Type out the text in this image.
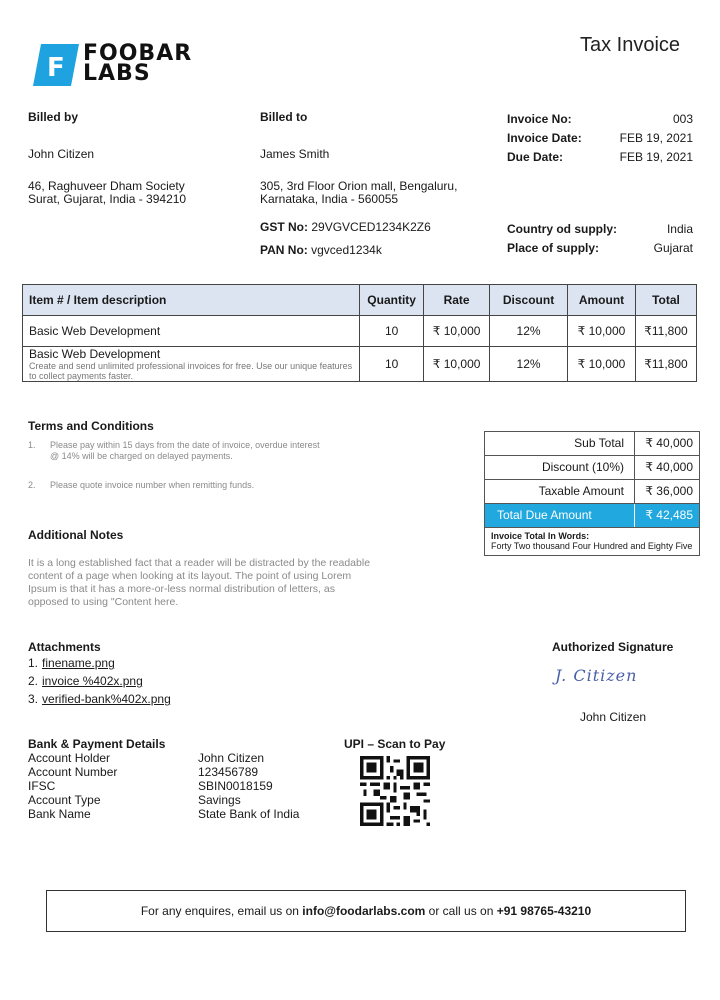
F FOOBAR
LABS
Tax Invoice
Billed by
John Citizen
46, Raghuveer Dham Society
Surat, Gujarat, India - 394210
Billed to
James Smith
305, 3rd Floor Orion mall, Bengaluru,
Karnataka, India - 560055
GST No: 29VGVCED1234K2Z6
PAN No: vgvced1234k
Invoice No:	003
Invoice Date:	FEB 19, 2021
Due Date:	FEB 19, 2021
Country od supply:	India
Place of supply:	Gujarat
Item # / Item description	Quantity	Rate	Discount	Amount	Total
Basic Web Development	10	₹ 10,000	12%	₹ 10,000	₹11,800
Basic Web Development
Create and send unlimited professional invoices for free. Use our unique features to collect payments faster.	10	₹ 10,000	12%	₹ 10,000	₹11,800
Terms and Conditions
1. Please pay within 15 days from the date of invoice, overdue interest @ 14% will be charged on delayed payments.
2. Please quote invoice number when remitting funds.
Additional Notes
It is a long established fact that a reader will be distracted by the readable content of a page when looking at its layout. The point of using Lorem Ipsum is that it has a more-or-less normal distribution of letters, as opposed to using "Content here.
Sub Total	₹ 40,000
Discount (10%)	₹ 40,000
Taxable Amount	₹ 36,000
Total Due Amount	₹ 42,485
Invoice Total In Words:
Forty Two thousand Four Hundred and Eighty Five
Attachments
1. finename.png
2. invoice %402x.png
3. verified-bank%402x.png
Authorized Signature
J. Citizen
John Citizen
Bank & Payment Details
Account Holder	John Citizen
Account Number	123456789
IFSC	SBIN0018159
Account Type	Savings
Bank Name	State Bank of India
UPI – Scan to Pay
For any enquires, email us on
info@foodarlabs.com
or call us on
+91 98765-43210
